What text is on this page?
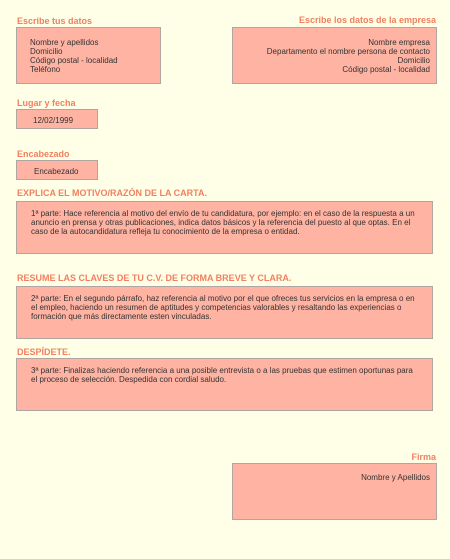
Escribe tus datos	Escribe los datos de la empresa
Nombre y apellidos
Domicilio
Código postal - localidad
Teléfono
Nombre empresa
Departamento el nombre persona de contacto
Domicilio
Código postal - localidad
Lugar y fecha
12/02/1999
Encabezado
Encabezado
EXPLICA EL MOTIVO/RAZÓN DE LA CARTA.
1ª parte: Hace referencia al motivo del envío de tu candidatura, por ejemplo: en el caso de la respuesta a un anuncio en prensa y otras publicaciones, indica datos básicos y la referencia del puesto al que optas. En el caso de la autocandidatura refleja tu conocimiento de la empresa o entidad.
RESUME LAS CLAVES DE TU C.V. DE FORMA BREVE Y CLARA.
2ª parte: En el segundo párrafo, haz referencia al motivo por el que ofreces tus servicios en la empresa o en el empleo, haciendo un resumen de aptitudes y competencias valorables y resaltando las experiencias o formación que más directamente esten vinculadas.
DESPÍDETE.
3ª parte: Finalizas haciendo referencia a una posible entrevista o a las pruebas que estimen oportunas para el proceso de selección. Despedida con cordial saludo.
Firma
Nombre y Apellidos
